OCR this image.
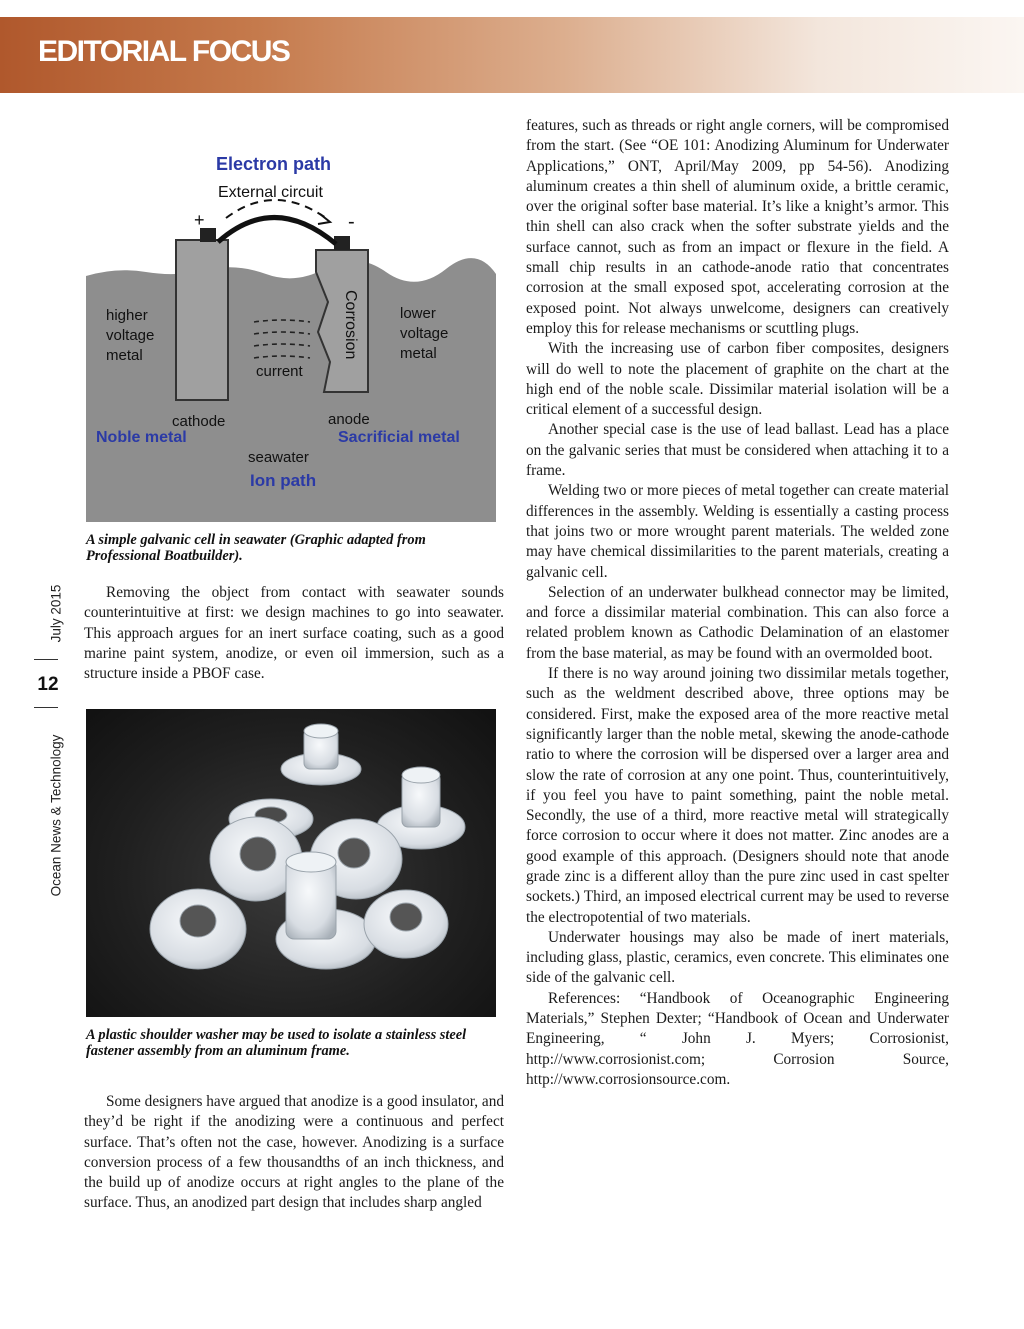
EDITORIAL FOCUS
July 2015
12
Ocean News & Technology
Electron path
External circuit
+	-
higher
voltage
metal
lower
voltage
metal
Corrosion
current
cathode	anode
Noble metal	Sacrificial metal
seawater
Ion path
A simple galvanic cell in seawater (Graphic adapted from Professional Boatbuilder).

Removing the object from contact with seawater sounds counterintuitive at first: we design machines to go into seawater. This approach argues for an inert surface coating, such as a good marine paint system, anodize, or even oil immersion, such as a structure inside a PBOF case.

A plastic shoulder washer may be used to isolate a stainless steel fastener assembly from an aluminum frame.

Some designers have argued that anodize is a good insulator, and they’d be right if the anodizing were a continuous and perfect surface. That’s often not the case, however. Anodizing is a surface conversion process of a few thousandths of an inch thickness, and the build up of anodize occurs at right angles to the plane of the surface. Thus, an anodized part design that includes sharp angled

features, such as threads or right angle corners, will be compromised from the start. (See “OE 101: Anodizing Aluminum for Underwater Applications,” ONT, April/May 2009, pp 54-56). Anodizing aluminum creates a thin shell of aluminum oxide, a brittle ceramic, over the original softer base material. It’s like a knight’s armor. This thin shell can also crack when the softer substrate yields and the surface cannot, such as from an impact or flexure in the field. A small chip results in an cathode-anode ratio that concentrates corrosion at the small exposed spot, accelerating corrosion at the exposed point. Not always unwelcome, designers can creatively employ this for release mechanisms or scuttling plugs.

With the increasing use of carbon fiber composites, designers will do well to note the placement of graphite on the chart at the high end of the noble scale. Dissimilar material isolation will be a critical element of a successful design.

Another special case is the use of lead ballast. Lead has a place on the galvanic series that must be considered when attaching it to a frame.

Welding two or more pieces of metal together can create material differences in the assembly. Welding is essentially a casting process that joins two or more wrought parent materials. The welded zone may have chemical dissimilarities to the parent materials, creating a galvanic cell.

Selection of an underwater bulkhead connector may be limited, and force a dissimilar material combination. This can also force a related problem known as Cathodic Delamination of an elastomer from the base material, as may be found with an overmolded boot.

If there is no way around joining two dissimilar metals together, such as the weldment described above, three options may be considered. First, make the exposed area of the more reactive metal significantly larger than the noble metal, skewing the anode-cathode ratio to where the corrosion will be dispersed over a larger area and slow the rate of corrosion at any one point. Thus, counterintuitively, if you feel you have to paint something, paint the noble metal. Secondly, the use of a third, more reactive metal will strategically force corrosion to occur where it does not matter. Zinc anodes are a good example of this approach. (Designers should note that anode grade zinc is a different alloy than the pure zinc used in cast spelter sockets.) Third, an imposed electrical current may be used to reverse the electropotential of two materials.

Underwater housings may also be made of inert materials, including glass, plastic, ceramics, even concrete. This eliminates one side of the galvanic cell.

References: “Handbook of Oceanographic Engineering Materials,” Stephen Dexter; “Handbook of Ocean and Underwater Engineering, “ John J. Myers; Corrosionist, http://www.corrosionist.com; Corrosion Source, http://www.corrosionsource.com.
